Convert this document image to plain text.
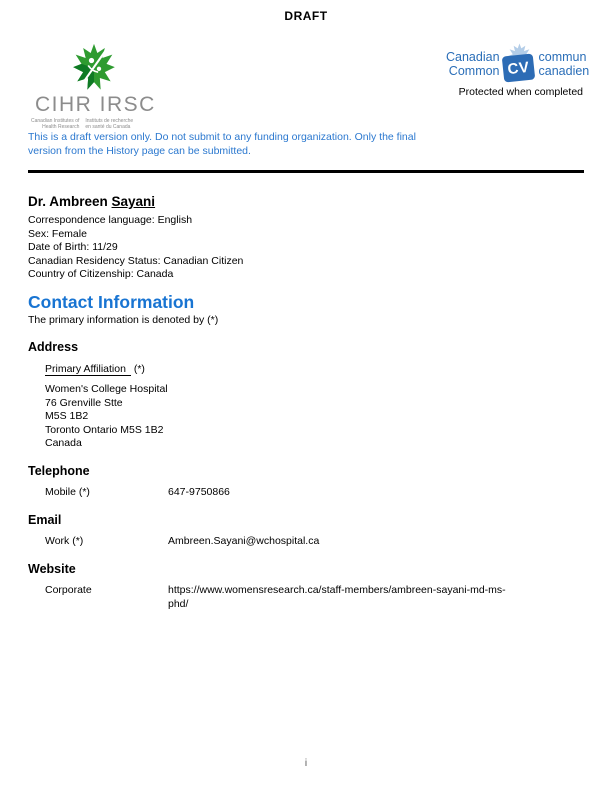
DRAFT
CIHR IRSC
Canadian Institutes of
Health Research
Instituts de recherche
en santé du Canada
Canadian
Common CV
commun
canadien
Protected when completed
This is a draft version only. Do not submit to any funding organization. Only the final version from the History page can be submitted.
Dr. Ambreen Sayani
Correspondence language: English
Sex: Female
Date of Birth: 11/29
Canadian Residency Status: Canadian Citizen
Country of Citizenship: Canada
Contact Information
The primary information is denoted by (*)
Address
Primary Affiliation (*)
Women's College Hospital
76 Grenville Stte
M5S 1B2
Toronto Ontario M5S 1B2
Canada
Telephone
Mobile (*)	647-9750866
Email
Work (*)	Ambreen.Sayani@wchospital.ca
Website
Corporate	https://www.womensresearch.ca/staff-members/ambreen-sayani-md-ms-
phd/
i
